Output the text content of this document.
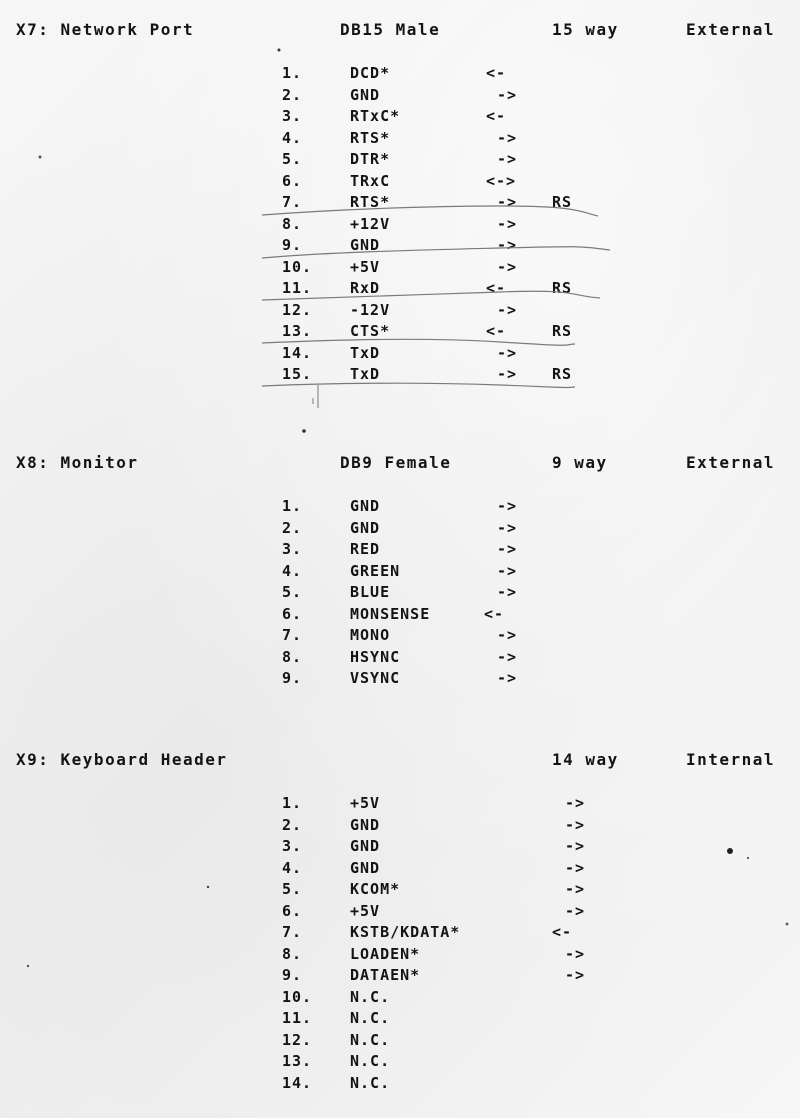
X7: Network Port	DB15 Male	15 way	External
1.	DCD*	<-
2.	GND	->
3.	RTxC*	<-
4.	RTS*	->
5.	DTR*	->
6.	TRxC	<->
7.	RTS*	-> RS
8.	+12V	->
9.	GND	->
10.	+5V	->
11.	RxD	<-	RS
12.	-12V	->
13.	CTS*	<-	RS
14.	TxD	->
15.	TxD	-> RS
X8: Monitor	DB9 Female	9 way	External
1.	GND	->
2.	GND	->
3.	RED	->
4.	GREEN	->
5.	BLUE	->
6.	MONSENSE	<-
7.	MONO	->
8.	HSYNC	->
9.	VSYNC	->
X9: Keyboard Header	14 way	Internal
1.	+5V	->
2.	GND	->
3.	GND	->
4.	GND	->
5.	KCOM*	->
6.	+5V	->
7.	KSTB/KDATA*	<-
8.	LOADEN*	->
9.	DATAEN*	->
10.	N.C.
11.	N.C.
12.	N.C.
13.	N.C.
14.	N.C.
